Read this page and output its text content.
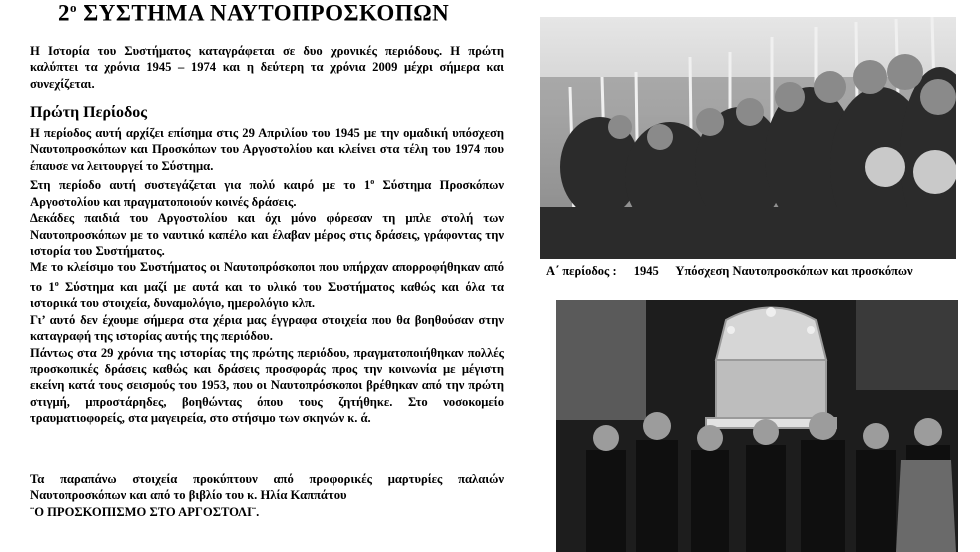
$2^o$ ΣΥΣΤΗΜΑ ΝΑΥΤΟΠΡΟΣΚΟΠΩΝ

Η Ιστορία του Συστήματος καταγράφεται σε δυο χρονικές περιόδους. Η πρώτη καλύπτει τα χρόνια 1945 – 1974 και η δεύτερη τα χρόνια 2009 μέχρι σήμερα και συνεχίζεται.

Πρώτη Περίοδος

Η περίοδος αυτή αρχίζει επίσημα στις 29 Απριλίου του 1945 με την ομαδική υπόσχεση Ναυτοπροσκόπων και Προσκόπων του Αργοστολίου και κλείνει στα τέλη του 1974 που έπαυσε να λειτουργεί το Σύστημα.

Στη περίοδο αυτή συστεγάζεται για πολύ καιρό με το $1^o$ Σύστημα Προσκόπων Αργοστολίου και πραγματοποιούν κοινές δράσεις.

Δεκάδες παιδιά του Αργοστολίου και όχι μόνο φόρεσαν τη μπλε στολή των Ναυτοπροσκόπων με το ναυτικό καπέλο και έλαβαν μέρος στις δράσεις, γράφοντας την ιστορία του Συστήματος.

Με το κλείσιμο του Συστήματος οι Ναυτοπρόσκοποι που υπήρχαν απορροφήθηκαν από το $1^o$ Σύστημα και μαζί με αυτά και το υλικό του Συστήματος καθώς και όλα τα ιστορικά του στοιχεία, δυναμολόγιο, ημερολόγιο κλπ.

Γι’ αυτό δεν έχουμε σήμερα στα χέρια μας έγγραφα στοιχεία που θα βοηθούσαν στην καταγραφή της ιστορίας αυτής της περιόδου.

Πάντως στα 29 χρόνια της ιστορίας της πρώτης περιόδου, πραγματοποιήθηκαν πολλές προσκοπικές δράσεις καθώς και δράσεις προσφοράς προς την κοινωνία με μέγιστη εκείνη κατά τους σεισμούς του 1953, που οι Ναυτοπρόσκοποι βρέθηκαν από την πρώτη στιγμή, μπροστάρηδες, βοηθώντας όπου τους ζητήθηκε. Στο νοσοκομείο τραυματιοφορείς, στα μαγειρεία, στο στήσιμο των σκηνών κ. ά.

Τα παραπάνω στοιχεία προκύπτουν από προφορικές μαρτυρίες παλαιών Ναυτοπροσκόπων και από το βιβλίο του κ. Ηλία Καππάτου

¨Ο ΠΡΟΣΚΟΠΙΣΜΟ ΣΤΟ ΑΡΓΟΣΤΟΛΙ¨.

Α΄ περίοδος : 1945 Υπόσχεση Ναυτοπροσκόπων και προσκόπων
